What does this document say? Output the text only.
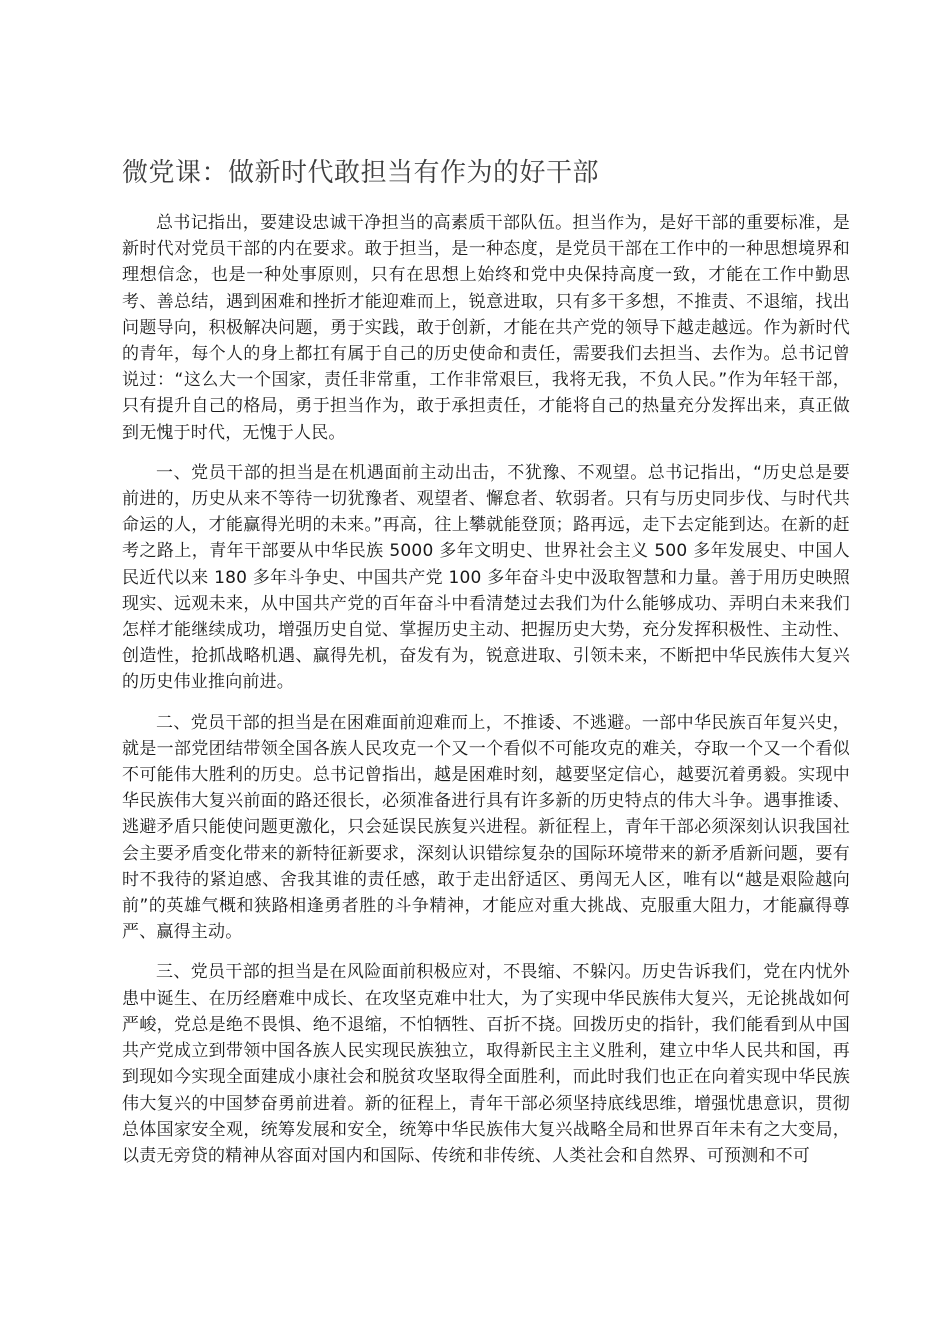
微党课：做新时代敢担当有作为的好干部

总书记指出，要建设忠诚干净担当的高素质干部队伍。担当作为，是好干部的重要标准，是新时代对党员干部的内在要求。敢于担当，是一种态度，是党员干部在工作中的一种思想境界和理想信念，也是一种处事原则，只有在思想上始终和党中央保持高度一致，才能在工作中勤思考、善总结，遇到困难和挫折才能迎难而上，锐意进取，只有多干多想，不推责、不退缩，找出问题导向，积极解决问题，勇于实践，敢于创新，才能在共产党的领导下越走越远。作为新时代的青年，每个人的身上都扛有属于自己的历史使命和责任，需要我们去担当、去作为。总书记曾说过：“这么大一个国家，责任非常重，工作非常艰巨，我将无我，不负人民。”作为年轻干部，只有提升自己的格局，勇于担当作为，敢于承担责任，才能将自己的热量充分发挥出来，真正做到无愧于时代，无愧于人民。

一、党员干部的担当是在机遇面前主动出击，不犹豫、不观望。总书记指出，“历史总是要前进的，历史从来不等待一切犹豫者、观望者、懈怠者、软弱者。只有与历史同步伐、与时代共命运的人，才能赢得光明的未来。”再高，往上攀就能登顶；路再远，走下去定能到达。在新的赶考之路上，青年干部要从中华民族 5000 多年文明史、世界社会主义 500 多年发展史、中国人民近代以来 180 多年斗争史、中国共产党 100 多年奋斗史中汲取智慧和力量。善于用历史映照现实、远观未来，从中国共产党的百年奋斗中看清楚过去我们为什么能够成功、弄明白未来我们怎样才能继续成功，增强历史自觉、掌握历史主动、把握历史大势，充分发挥积极性、主动性、创造性，抢抓战略机遇、赢得先机，奋发有为，锐意进取、引领未来，不断把中华民族伟大复兴的历史伟业推向前进。

二、党员干部的担当是在困难面前迎难而上，不推诿、不逃避。一部中华民族百年复兴史，就是一部党团结带领全国各族人民攻克一个又一个看似不可能攻克的难关，夺取一个又一个看似不可能伟大胜利的历史。总书记曾指出，越是困难时刻，越要坚定信心，越要沉着勇毅。实现中华民族伟大复兴前面的路还很长，必须准备进行具有许多新的历史特点的伟大斗争。遇事推诿、逃避矛盾只能使问题更激化，只会延误民族复兴进程。新征程上，青年干部必须深刻认识我国社会主要矛盾变化带来的新特征新要求，深刻认识错综复杂的国际环境带来的新矛盾新问题，要有时不我待的紧迫感、舍我其谁的责任感，敢于走出舒适区、勇闯无人区，唯有以“越是艰险越向前”的英雄气概和狭路相逢勇者胜的斗争精神，才能应对重大挑战、克服重大阻力，才能赢得尊严、赢得主动。

三、党员干部的担当是在风险面前积极应对，不畏缩、不躲闪。历史告诉我们，党在内忧外患中诞生、在历经磨难中成长、在攻坚克难中壮大，为了实现中华民族伟大复兴，无论挑战如何严峻，党总是绝不畏惧、绝不退缩，不怕牺牲、百折不挠。回拨历史的指针，我们能看到从中国共产党成立到带领中国各族人民实现民族独立，取得新民主主义胜利，建立中华人民共和国，再到现如今实现全面建成小康社会和脱贫攻坚取得全面胜利，而此时我们也正在向着实现中华民族伟大复兴的中国梦奋勇前进着。新的征程上，青年干部必须坚持底线思维，增强忧患意识，贯彻总体国家安全观，统筹发展和安全，统筹中华民族伟大复兴战略全局和世界百年未有之大变局，以责无旁贷的精神从容面对国内和国际、传统和非传统、人类社会和自然界、可预测和不可
